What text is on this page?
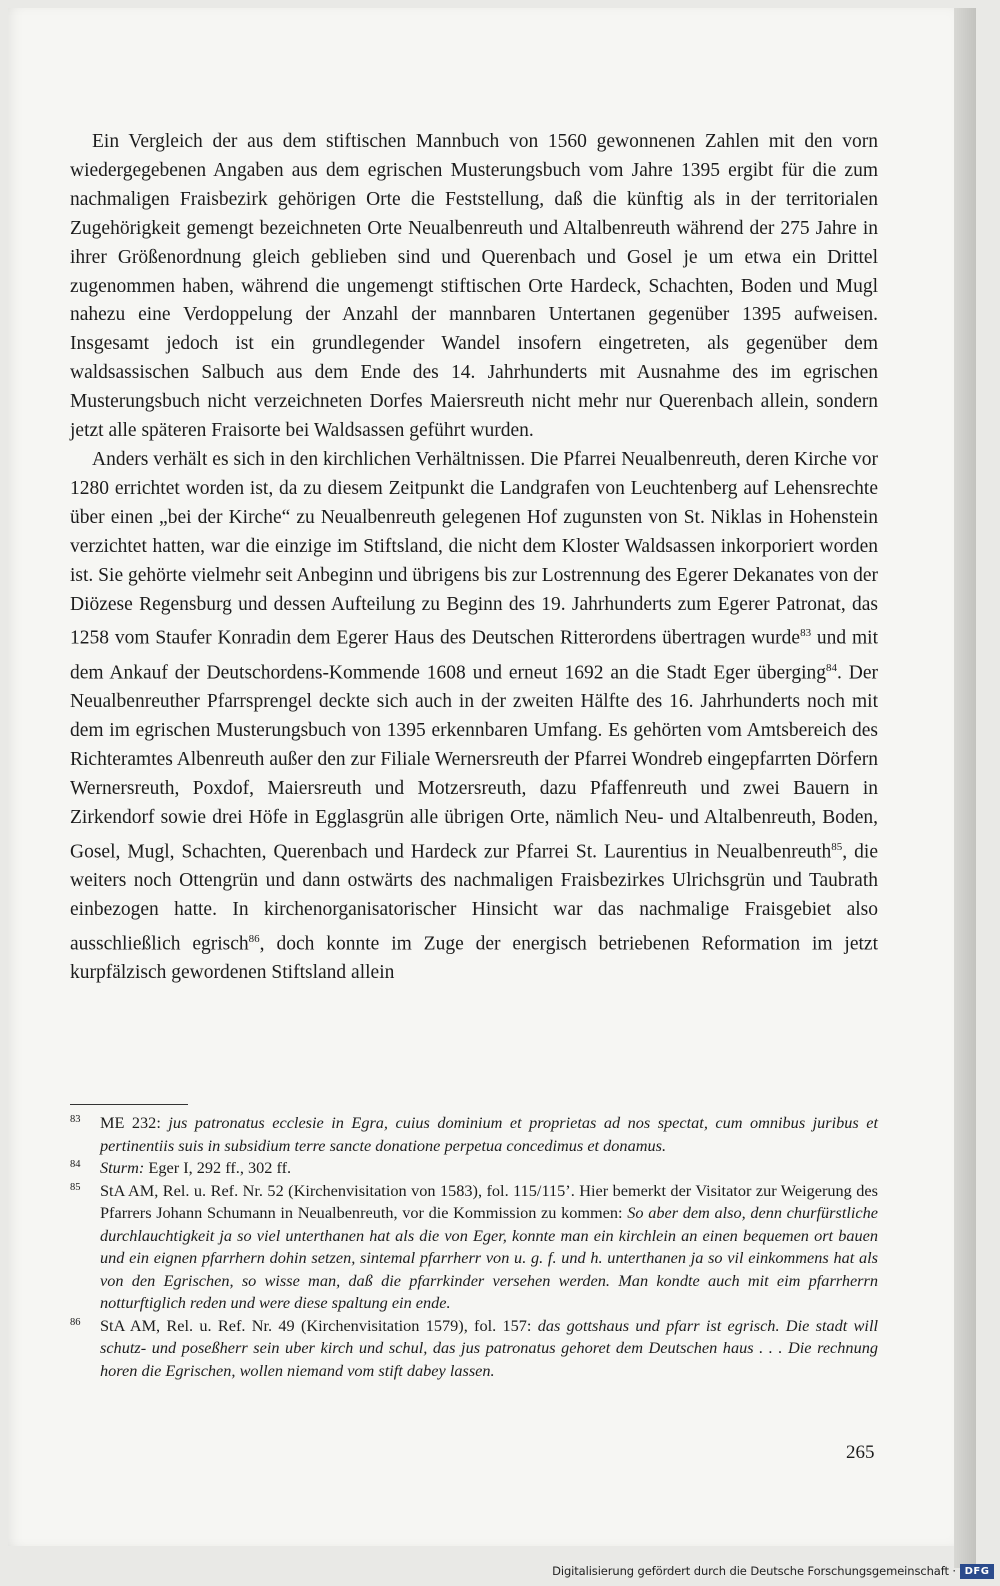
Ein Vergleich der aus dem stiftischen Mannbuch von 1560 gewonnenen Zahlen mit den vorn wiedergegebenen Angaben aus dem egrischen Musterungsbuch vom Jahre 1395 ergibt für die zum nachmaligen Fraisbezirk gehörigen Orte die Feststellung, daß die künftig als in der territorialen Zugehörigkeit gemengt bezeichneten Orte Neualbenreuth und Altalbenreuth während der 275 Jahre in ihrer Größenordnung gleich geblieben sind und Querenbach und Gosel je um etwa ein Drittel zugenommen haben, während die ungemengt stiftischen Orte Hardeck, Schachten, Boden und Mugl nahezu eine Verdoppelung der Anzahl der mannbaren Untertanen gegenüber 1395 aufweisen. Insgesamt jedoch ist ein grundlegender Wandel insofern eingetreten, als gegenüber dem waldsassischen Salbuch aus dem Ende des 14. Jahrhunderts mit Ausnahme des im egrischen Musterungsbuch nicht verzeichneten Dorfes Maiersreuth nicht mehr nur Querenbach allein, sondern jetzt alle späteren Fraisorte bei Waldsassen geführt wurden.

Anders verhält es sich in den kirchlichen Verhältnissen. Die Pfarrei Neualbenreuth, deren Kirche vor 1280 errichtet worden ist, da zu diesem Zeitpunkt die Landgrafen von Leuchtenberg auf Lehensrechte über einen „bei der Kirche“ zu Neualbenreuth gelegenen Hof zugunsten von St. Niklas in Hohenstein verzichtet hatten, war die einzige im Stiftsland, die nicht dem Kloster Waldsassen inkorporiert worden ist. Sie gehörte vielmehr seit Anbeginn und übrigens bis zur Lostrennung des Egerer Dekanates von der Diözese Regensburg und dessen Aufteilung zu Beginn des 19. Jahrhunderts zum Egerer Patronat, das 1258 vom Staufer Konradin dem Egerer Haus des Deutschen Ritterordens übertragen wurde$^{83}$ und mit dem Ankauf der Deutschordens-Kommende 1608 und erneut 1692 an die Stadt Eger überging$^{84}$. Der Neualbenreuther Pfarrsprengel deckte sich auch in der zweiten Hälfte des 16. Jahrhunderts noch mit dem im egrischen Musterungsbuch von 1395 erkennbaren Umfang. Es gehörten vom Amtsbereich des Richteramtes Albenreuth außer den zur Filiale Wernersreuth der Pfarrei Wondreb eingepfarrten Dörfern Wernersreuth, Poxdof, Maiersreuth und Motzersreuth, dazu Pfaffenreuth und zwei Bauern in Zirkendorf sowie drei Höfe in Egglasgrün alle übrigen Orte, nämlich Neu- und Altalbenreuth, Boden, Gosel, Mugl, Schachten, Querenbach und Hardeck zur Pfarrei St. Laurentius in Neualbenreuth$^{85}$, die weiters noch Ottengrün und dann ostwärts des nachmaligen Fraisbezirkes Ulrichsgrün und Taubrath einbezogen hatte. In kirchenorganisatorischer Hinsicht war das nachmalige Fraisgebiet also ausschließlich egrisch$^{86}$, doch konnte im Zuge der energisch betriebenen Reformation im jetzt kurpfälzisch gewordenen Stiftsland allein

83 ME 232: jus patronatus ecclesie in Egra, cuius dominium et proprietas ad nos spectat, cum omnibus juribus et pertinentiis suis in subsidium terre sancte donatione perpetua concedimus et donamus.

84 Sturm: Eger I, 292 ff., 302 ff.

85 StA AM, Rel. u. Ref. Nr. 52 (Kirchenvisitation von 1583), fol. 115/115’. Hier bemerkt der Visitator zur Weigerung des Pfarrers Johann Schumann in Neualbenreuth, vor die Kommission zu kommen: So aber dem also, denn churfürstliche durchlauchtigkeit ja so viel unterthanen hat als die von Eger, konnte man ein kirchlein an einen bequemen ort bauen und ein eignen pfarrhern dohin setzen, sintemal pfarrherr von u. g. f. und h. unterthanen ja so vil einkommens hat als von den Egrischen, so wisse man, daß die pfarrkinder versehen werden. Man kondte auch mit eim pfarrherrn notturftiglich reden und were diese spaltung ein ende.

86 StA AM, Rel. u. Ref. Nr. 49 (Kirchenvisitation 1579), fol. 157: das gottshaus und pfarr ist egrisch. Die stadt will schutz- und poseßherr sein uber kirch und schul, das jus patronatus gehoret dem Deutschen haus . . . Die rechnung horen die Egrischen, wollen niemand vom stift dabey lassen.

265
Digitalisierung gefördert durch die Deutsche Forschungsgemeinschaft · DFG
